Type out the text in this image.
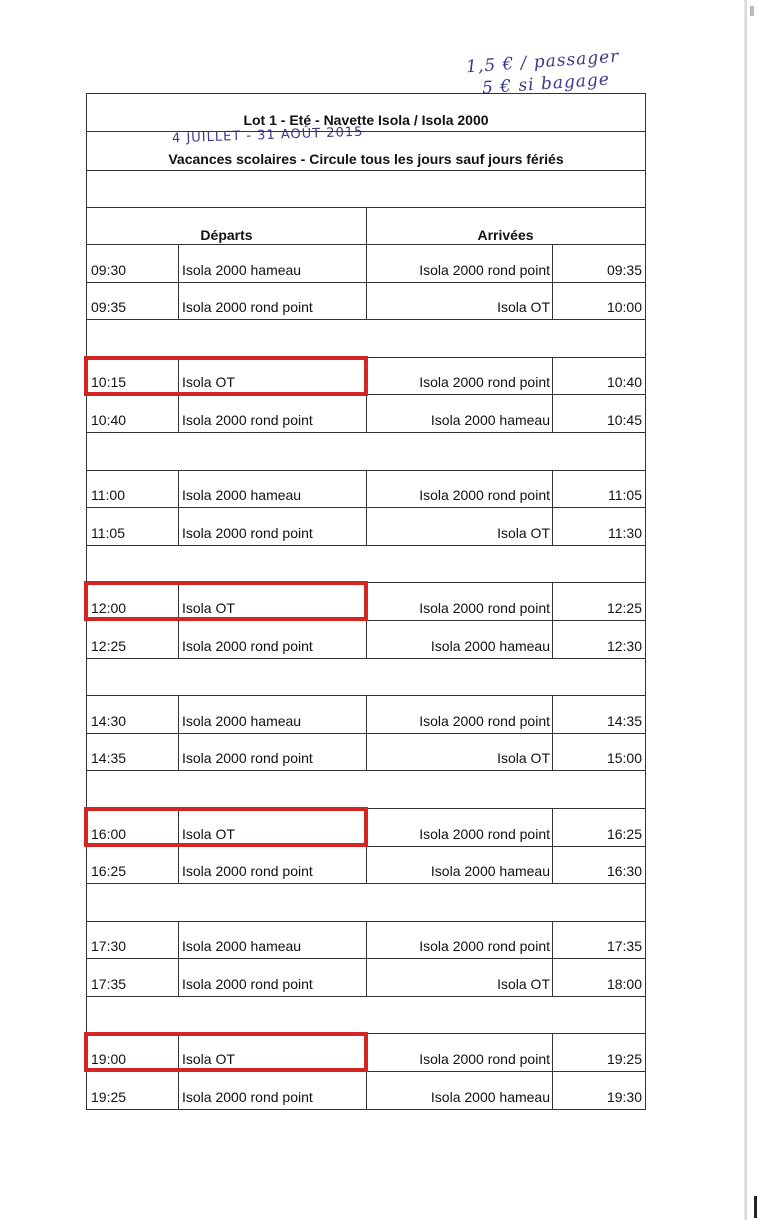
1,5 € / passager
5 € si bagage
4 JUILLET - 31 AOÛT 2015
Lot 1 - Eté - Navette Isola / Isola 2000
Vacances scolaires - Circule tous les jours sauf jours fériés
Départs	Arrivées
09:30	Isola 2000 hameau	Isola 2000 rond point	09:35
09:35	Isola 2000 rond point	Isola OT	10:00
10:15	Isola OT	Isola 2000 rond point	10:40
10:40	Isola 2000 rond point	Isola 2000 hameau	10:45
11:00	Isola 2000 hameau	Isola 2000 rond point	11:05
11:05	Isola 2000 rond point	Isola OT	11:30
12:00	Isola OT	Isola 2000 rond point	12:25
12:25	Isola 2000 rond point	Isola 2000 hameau	12:30
14:30	Isola 2000 hameau	Isola 2000 rond point	14:35
14:35	Isola 2000 rond point	Isola OT	15:00
16:00	Isola OT	Isola 2000 rond point	16:25
16:25	Isola 2000 rond point	Isola 2000 hameau	16:30
17:30	Isola 2000 hameau	Isola 2000 rond point	17:35
17:35	Isola 2000 rond point	Isola OT	18:00
19:00	Isola OT	Isola 2000 rond point	19:25
19:25	Isola 2000 rond point	Isola 2000 hameau	19:30
